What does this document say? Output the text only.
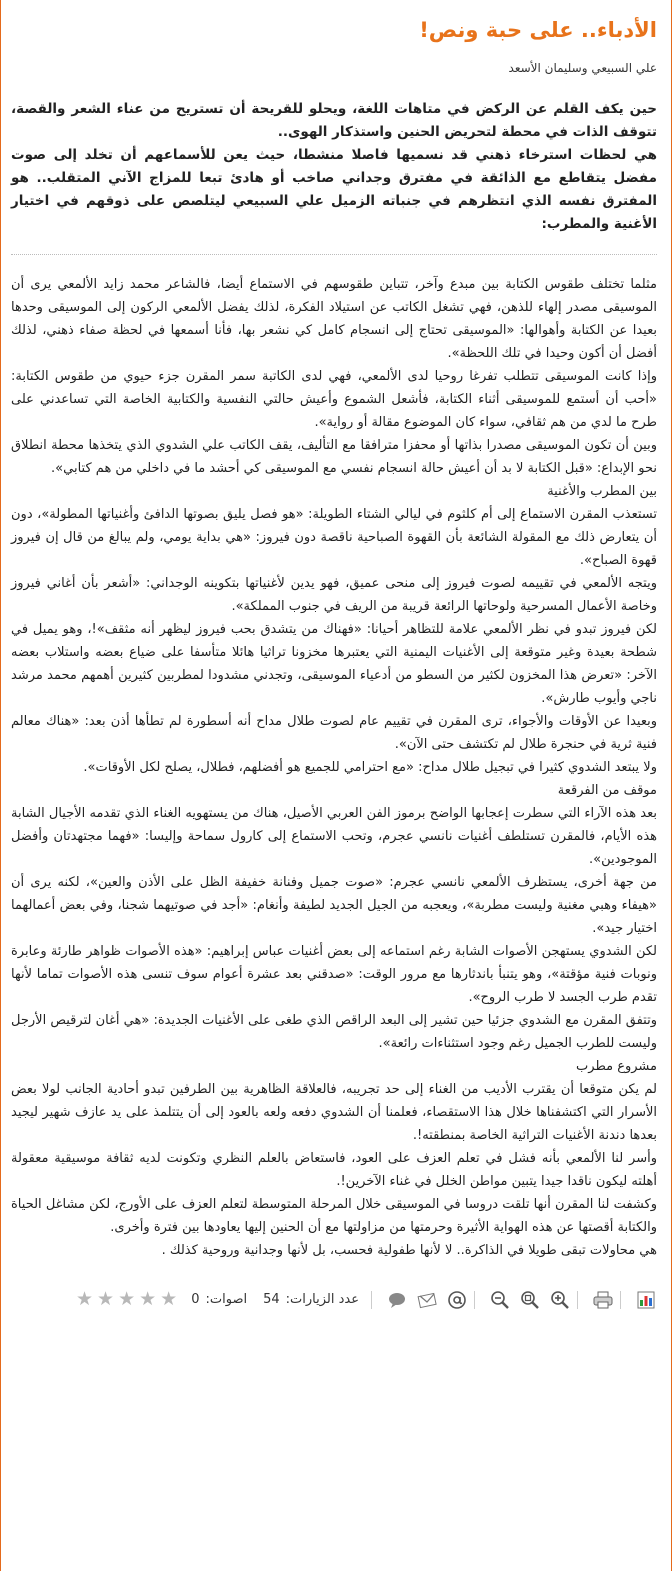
الأدباء.. على حبة ونص!
علي السبيعي وسليمان الأسعد

حين يكف القلم عن الركض في متاهات اللغة، ويحلو للقريحة أن تستريح من عناء الشعر والقصة، تتوقف الذات في محطة لتحريض الحنين واستذكار الهوى..

هي لحظات استرخاء ذهني قد نسميها فاصلا منشطا، حيث يعن للأسماعهم أن تخلد إلى صوت مفضل يتقاطع مع الذائقة في مفترق وجداني صاخب أو هادئ تبعا للمزاج الآني المتقلب.. هو المفترق نفسه الذي انتظرهم في جنباته الزميل علي السبيعي ليتلصص على ذوقهم في اختيار الأغنية والمطرب:

مثلما تختلف طقوس الكتابة بين مبدع وآخر، تتباين طقوسهم في الاستماع أيضا، فالشاعر محمد زايد الألمعي يرى أن الموسيقى مصدر إلهاء للذهن، فهي تشغل الكاتب عن استيلاد الفكرة، لذلك يفضل الألمعي الركون إلى الموسيقى وحدها بعيدا عن الكتابة وأهوالها: «الموسيقى تحتاج إلى انسجام كامل كي نشعر بها، فأنا أسمعها في لحظة صفاء ذهني، لذلك أفضل أن أكون وحيدا في تلك اللحظة».

وإذا كانت الموسيقى تتطلب تفرغا روحيا لدى الألمعي، فهي لدى الكاتبة سمر المقرن جزء حيوي من طقوس الكتابة: «أحب أن أستمع للموسيقى أثناء الكتابة، فأشعل الشموع وأعيش حالتي النفسية والكتابية الخاصة التي تساعدني على طرح ما لدي من هم ثقافي، سواء كان الموضوع مقالة أو رواية».

وبين أن تكون الموسيقى مصدرا بذاتها أو محفزا مترافقا مع التأليف، يقف الكاتب علي الشدوي الذي يتخذها محطة انطلاق نحو الإبداع: «قبل الكتابة لا بد أن أعيش حالة انسجام نفسي مع الموسيقى كي أحشد ما في داخلي من هم كتابي».

بين المطرب والأغنية

تستعذب المقرن الاستماع إلى أم كلثوم في ليالي الشتاء الطويلة: «هو فصل يليق بصوتها الدافئ وأغنياتها المطولة»، دون أن يتعارض ذلك مع المقولة الشائعة بأن القهوة الصباحية ناقصة دون فيروز: «هي بداية يومي، ولم يبالغ من قال إن فيروز قهوة الصباح».

ويتجه الألمعي في تقييمه لصوت فيروز إلى منحى عميق، فهو يدين لأغنياتها بتكوينه الوجداني: «أشعر بأن أغاني فيروز وخاصة الأعمال المسرحية ولوحاتها الرائعة قريبة من الريف في جنوب المملكة».

لكن فيروز تبدو في نظر الألمعي علامة للتظاهر أحيانا: «فهناك من يتشدق بحب فيروز ليظهر أنه مثقف»!، وهو يميل في شطحة بعيدة وغير متوقعة إلى الأغنيات اليمنية التي يعتبرها مخزونا تراثيا هائلا متأسفا على ضياع بعضه واستلاب بعضه الآخر: «تعرض هذا المخزون لكثير من السطو من أدعياء الموسيقى، وتجدني مشدودا لمطربين كثيرين أهمهم محمد مرشد ناجي وأيوب طارش».

وبعيدا عن الأوقات والأجواء، ترى المقرن في تقييم عام لصوت طلال مداح أنه أسطورة لم تطأها أذن بعد: «هناك معالم فنية ثرية في حنجرة طلال لم تكتشف حتى الآن».

ولا يبتعد الشدوي كثيرا في تبجيل طلال مداح: «مع احترامي للجميع هو أفضلهم، فطلال، يصلح لكل الأوقات».

موقف من الفرقعة

بعد هذه الآراء التي سطرت إعجابها الواضح برموز الفن العربي الأصيل، هناك من يستهويه الغناء الذي تقدمه الأجيال الشابة هذه الأيام، فالمقرن تستلطف أغنيات نانسي عجرم، وتحب الاستماع إلى كارول سماحة وإليسا: «فهما مجتهدتان وأفضل الموجودين».

من جهة أخرى، يستظرف الألمعي نانسي عجرم: «صوت جميل وفنانة خفيفة الظل على الأذن والعين»، لكنه يرى أن «هيفاء وهبي مغنية وليست مطربة»، ويعجبه من الجيل الجديد لطيفة وأنغام: «أجد في صوتيهما شجنا، وفي بعض أعمالهما اختيار جيد».

لكن الشدوي يستهجن الأصوات الشابة رغم استماعه إلى بعض أغنيات عباس إبراهيم: «هذه الأصوات ظواهر طارئة وعابرة ونوبات فنية مؤقتة»، وهو يتنبأ باندثارها مع مرور الوقت: «صدقني بعد عشرة أعوام سوف تنسى هذه الأصوات تماما لأنها تقدم طرب الجسد لا طرب الروح».

وتتفق المقرن مع الشدوي جزئيا حين تشير إلى البعد الراقص الذي طغى على الأغنيات الجديدة: «هي أغان لترقيص الأرجل وليست للطرب الجميل رغم وجود استثناءات رائعة».

مشروع مطرب

لم يكن متوقعا أن يقترب الأديب من الغناء إلى حد تجريبه، فالعلاقة الظاهرية بين الطرفين تبدو أحادية الجانب لولا بعض الأسرار التي اكتشفناها خلال هذا الاستقصاء، فعلمنا أن الشدوي دفعه ولعه بالعود إلى أن يتتلمذ على يد عازف شهير ليجيد بعدها دندنة الأغنيات التراثية الخاصة بمنطقته!.

وأسر لنا الألمعي بأنه فشل في تعلم العزف على العود، فاستعاض بالعلم النظري وتكونت لديه ثقافة موسيقية معقولة أهلته ليكون ناقدا جيدا يتبين مواطن الخلل في غناء الآخرين!.

وكشفت لنا المقرن أنها تلقت دروسا في الموسيقى خلال المرحلة المتوسطة لتعلم العزف على الأورج، لكن مشاغل الحياة والكتابة أقصتها عن هذه الهواية الأثيرة وحرمتها من مزاولتها مع أن الحنين إليها يعاودها بين فترة وأخرى.

هي محاولات تبقى طويلا في الذاكرة.. لا لأنها طفولية فحسب، بل لأنها وجدانية وروحية كذلك .

عدد الزيارات:
54
اصوات:
0
★ ★ ★ ★ ★
